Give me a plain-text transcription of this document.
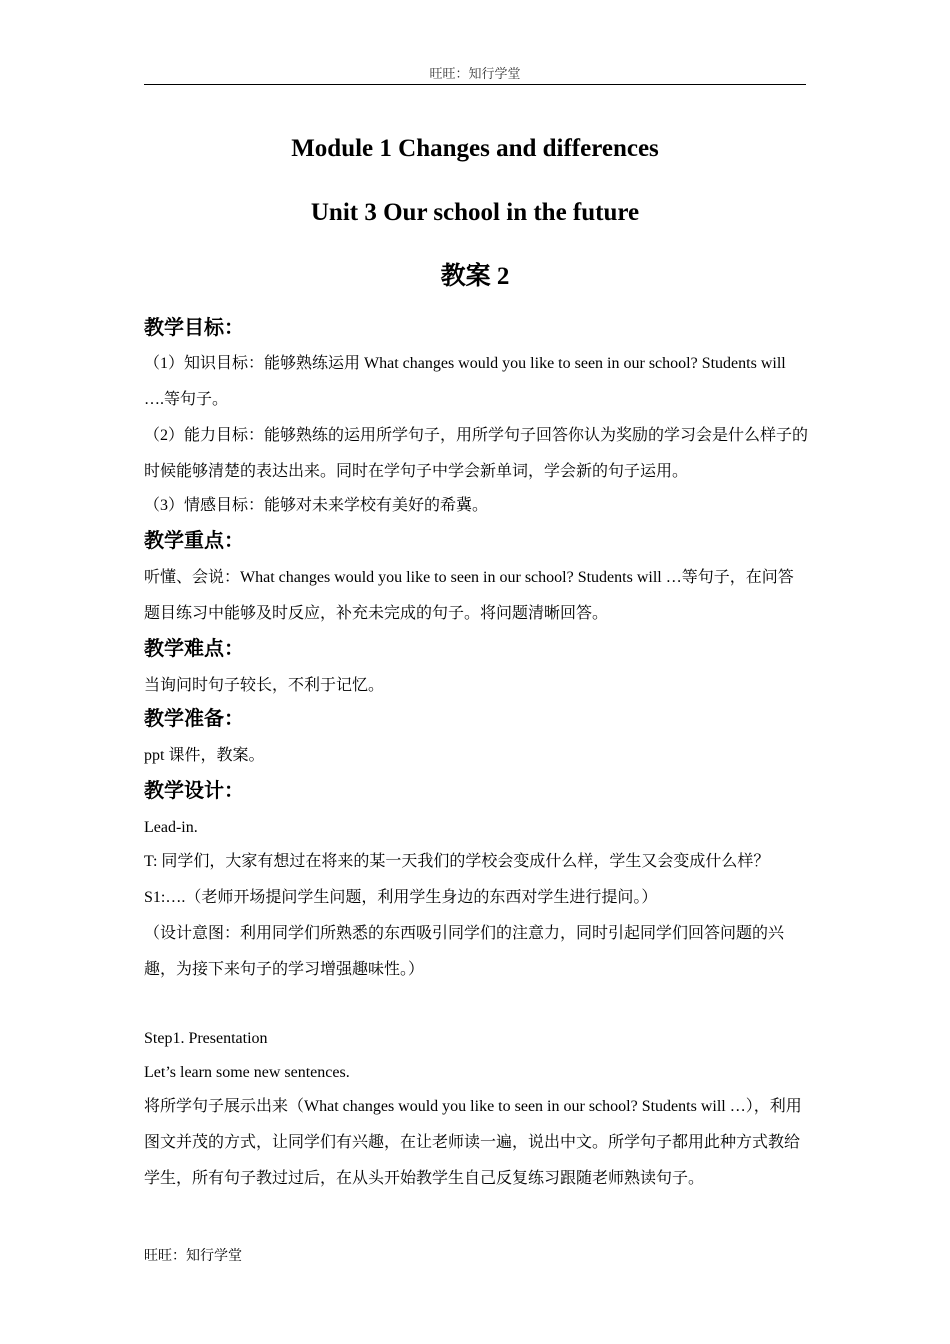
旺旺：知行学堂
Module 1 Changes and differences
Unit 3 Our school in the future
教案 2
教学目标：
（1）知识目标：能够熟练运用 What changes would you like to seen in our school? Students will ….等句子。
（2）能力目标：能够熟练的运用所学句子，用所学句子回答你认为奖励的学习会是什么样子的时候能够清楚的表达出来。同时在学句子中学会新单词，学会新的句子运用。
（3）情感目标：能够对未来学校有美好的希冀。
教学重点：
听懂、会说：What changes would you like to seen in our school? Students will …等句子，在问答题目练习中能够及时反应，补充未完成的句子。将问题清晰回答。
教学难点：
当询问时句子较长，不利于记忆。
教学准备：
ppt 课件，教案。
教学设计：
Lead-in.
T: 同学们，大家有想过在将来的某一天我们的学校会变成什么样，学生又会变成什么样？
S1:….（老师开场提问学生问题，利用学生身边的东西对学生进行提问。）
（设计意图：利用同学们所熟悉的东西吸引同学们的注意力，同时引起同学们回答问题的兴趣，为接下来句子的学习增强趣味性。）
Step1. Presentation
Let’s learn some new sentences.
将所学句子展示出来（What changes would you like to seen in our school? Students will …），利用图文并茂的方式，让同学们有兴趣，在让老师读一遍，说出中文。所学句子都用此种方式教给学生，所有句子教过过后，在从头开始教学生自己反复练习跟随老师熟读句子。
旺旺：知行学堂
